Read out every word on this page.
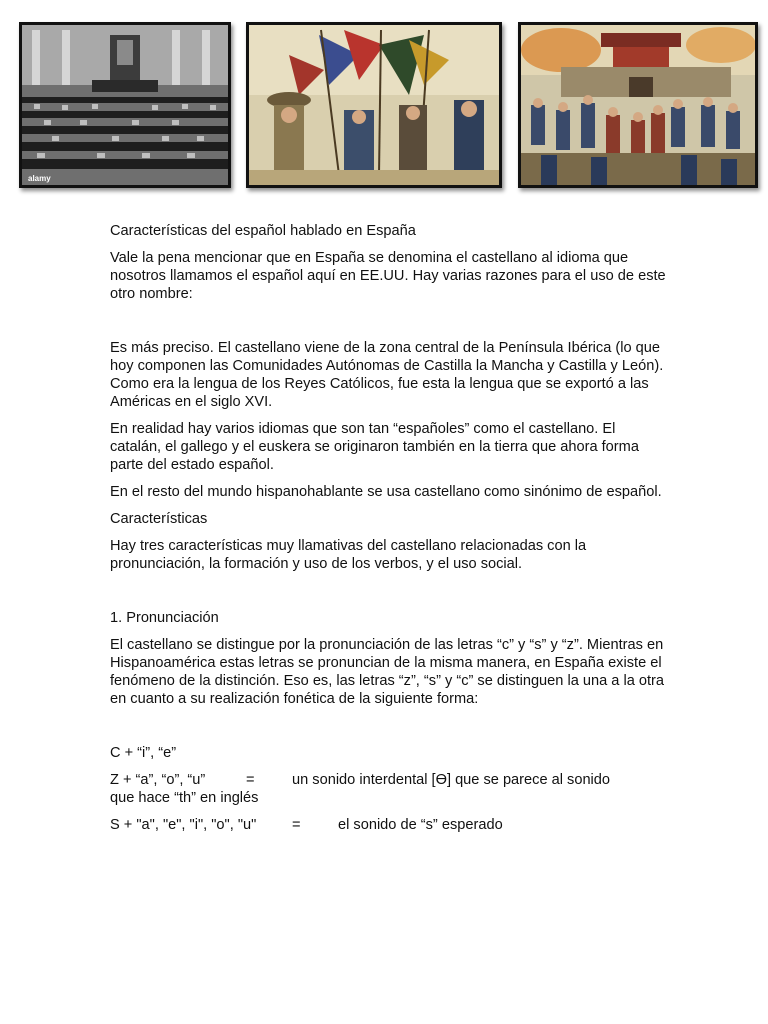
alamy

Características del español hablado en España

Vale la pena mencionar que en España se denomina el castellano al idioma que nosotros llamamos el español aquí en EE.UU. Hay varias razones para el uso de este otro nombre:

Es más preciso. El castellano viene de la zona central de la Península Ibérica (lo que hoy componen las Comunidades Autónomas de Castilla la Mancha y Castilla y León). Como era la lengua de los Reyes Católicos, fue esta la lengua que se exportó a las Américas en el siglo XVI.

En realidad hay varios idiomas que son tan “españoles” como el castellano. El catalán, el gallego y el euskera se originaron también en la tierra que ahora forma parte del estado español.

En el resto del mundo hispanohablante se usa castellano como sinónimo de español.

Características

Hay tres características muy llamativas del castellano relacionadas con la pronunciación, la formación y uso de los verbos, y el uso social.

1. Pronunciación

El castellano se distingue por la pronunciación de las letras “c” y “s” y “z”. Mientras en Hispanoamérica estas letras se pronuncian de la misma manera, en España existe el fenómeno de la distinción. Eso es, las letras “z”, “s” y “c” se distinguen la una a la otra en cuanto a su realización fonética de la siguiente forma:

C + “i”, “e”

Z + “a”, “o”, “u”	=	un sonido interdental [Ө] que se parece al sonido
que hace “th” en inglés

S + "a", "e", "i", "o", "u" =	el sonido de “s” esperado
